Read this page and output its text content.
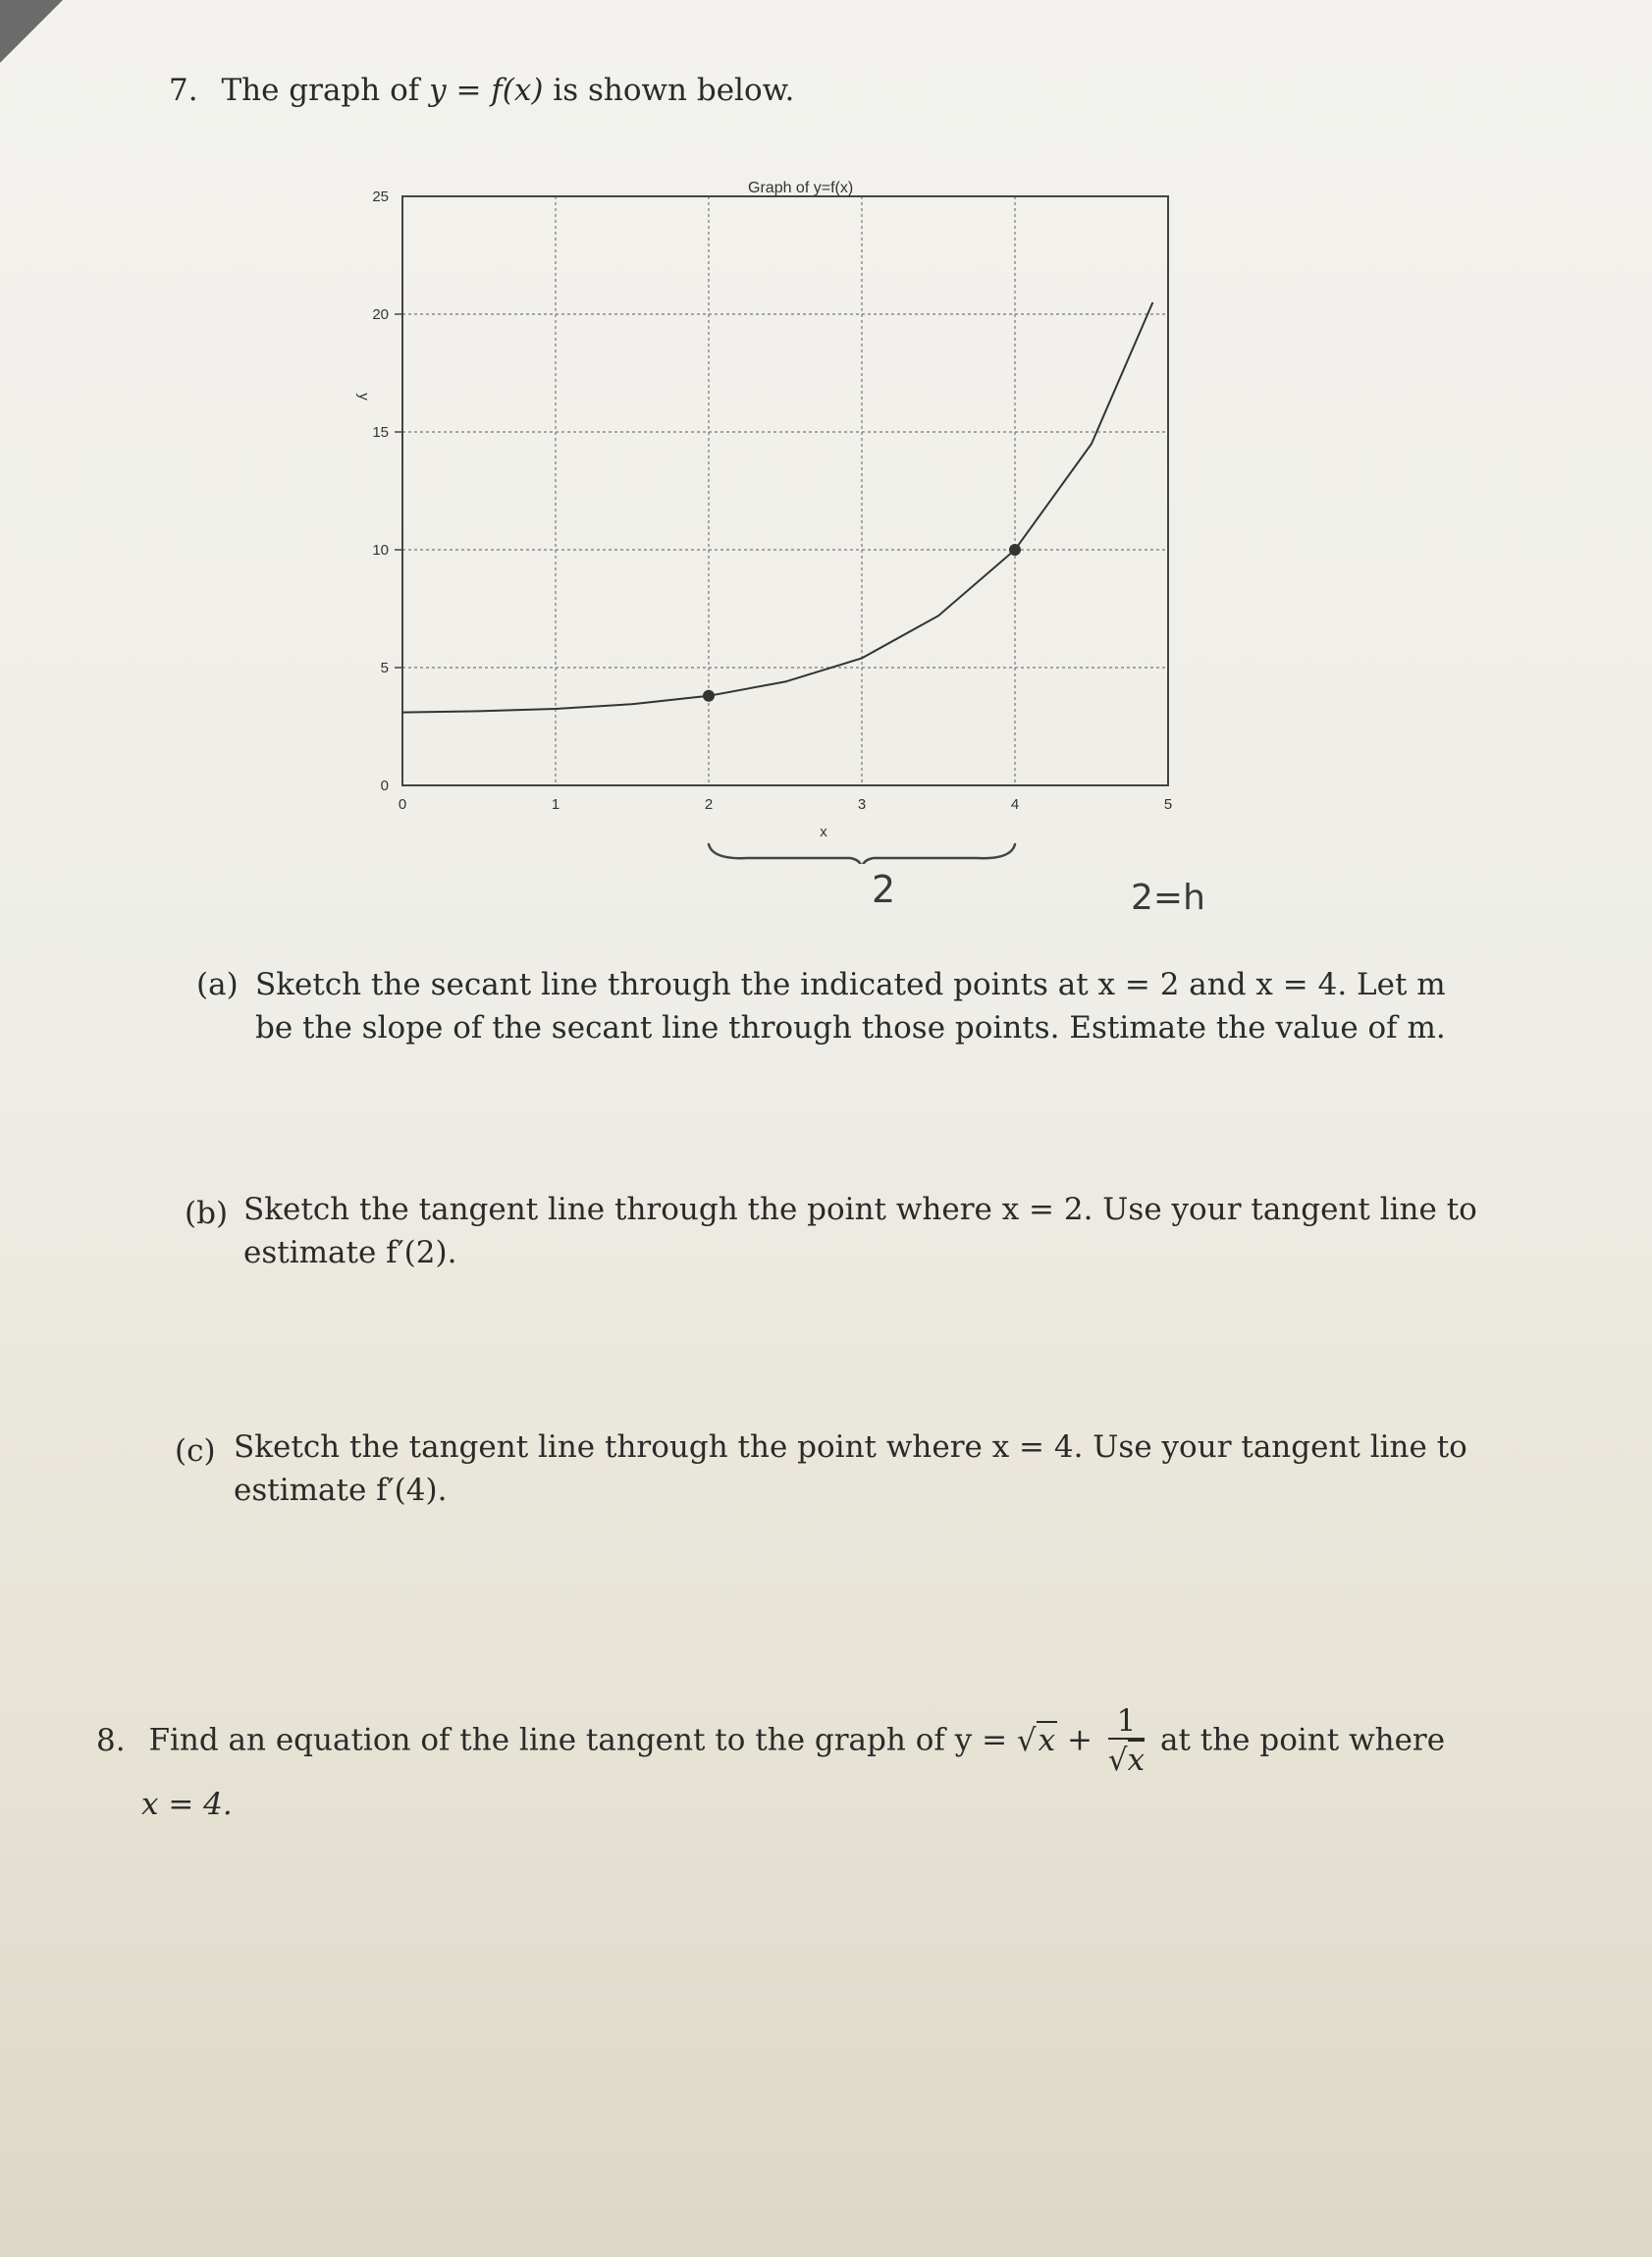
7. The graph of y = f(x) is shown below.
0
5
10
15
20
25
0	1	2	3	4	5
Graph of y=f(x)
x
y
2	2=h
(a) Sketch the secant line through the indicated points at x = 2 and x = 4. Let m
be the slope of the secant line through those points. Estimate the value of m.
(b) Sketch the tangent line through the point where x = 2. Use your tangent line to
estimate f′(2).
(c) Sketch the tangent line through the point where x = 4. Use your tangent line to
estimate f′(4).
8. Find an equation of the line tangent to the graph of $y = √x + \frac{1}{√x}$ at the point where
x = 4.
